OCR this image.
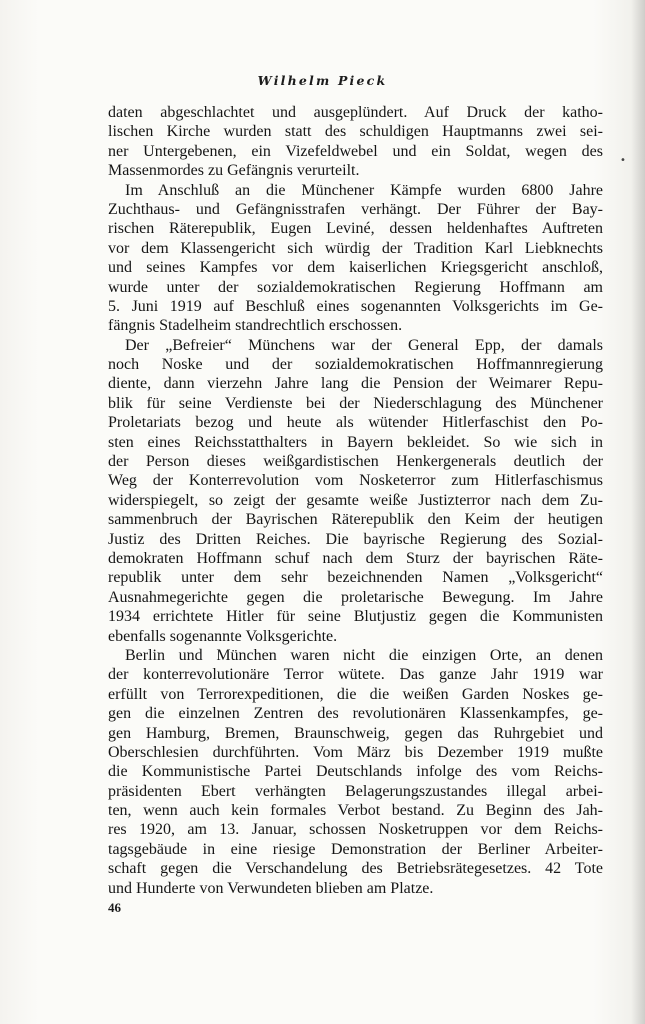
Wilhelm Pieck
•
daten abgeschlachtet und ausgeplündert. Auf Druck der katho-
lischen Kirche wurden statt des schuldigen Hauptmanns zwei sei-
ner Untergebenen, ein Vizefeldwebel und ein Soldat, wegen des
Massenmordes zu Gefängnis verurteilt.
Im Anschluß an die Münchener Kämpfe wurden 6800 Jahre
Zuchthaus- und Gefängnisstrafen verhängt. Der Führer der Bay-
rischen Räterepublik, Eugen Leviné, dessen heldenhaftes Auftreten
vor dem Klassengericht sich würdig der Tradition Karl Liebknechts
und seines Kampfes vor dem kaiserlichen Kriegsgericht anschloß,
wurde unter der sozialdemokratischen Regierung Hoffmann am
5. Juni 1919 auf Beschluß eines sogenannten Volksgerichts im Ge-
fängnis Stadelheim standrechtlich erschossen.
Der „Befreier“ Münchens war der General Epp, der damals
noch Noske und der sozialdemokratischen Hoffmannregierung
diente, dann vierzehn Jahre lang die Pension der Weimarer Repu-
blik für seine Verdienste bei der Niederschlagung des Münchener
Proletariats bezog und heute als wütender Hitlerfaschist den Po-
sten eines Reichsstatthalters in Bayern bekleidet. So wie sich in
der Person dieses weißgardistischen Henkergenerals deutlich der
Weg der Konterrevolution vom Nosketerror zum Hitlerfaschismus
widerspiegelt, so zeigt der gesamte weiße Justizterror nach dem Zu-
sammenbruch der Bayrischen Räterepublik den Keim der heutigen
Justiz des Dritten Reiches. Die bayrische Regierung des Sozial-
demokraten Hoffmann schuf nach dem Sturz der bayrischen Räte-
republik unter dem sehr bezeichnenden Namen „Volksgericht“
Ausnahmegerichte gegen die proletarische Bewegung. Im Jahre
1934 errichtete Hitler für seine Blutjustiz gegen die Kommunisten
ebenfalls sogenannte Volksgerichte.
Berlin und München waren nicht die einzigen Orte, an denen
der konterrevolutionäre Terror wütete. Das ganze Jahr 1919 war
erfüllt von Terrorexpeditionen, die die weißen Garden Noskes ge-
gen die einzelnen Zentren des revolutionären Klassenkampfes, ge-
gen Hamburg, Bremen, Braunschweig, gegen das Ruhrgebiet und
Oberschlesien durchführten. Vom März bis Dezember 1919 mußte
die Kommunistische Partei Deutschlands infolge des vom Reichs-
präsidenten Ebert verhängten Belagerungszustandes illegal arbei-
ten, wenn auch kein formales Verbot bestand. Zu Beginn des Jah-
res 1920, am 13. Januar, schossen Nosketruppen vor dem Reichs-
tagsgebäude in eine riesige Demonstration der Berliner Arbeiter-
schaft gegen die Verschandelung des Betriebsrätegesetzes. 42 Tote
und Hunderte von Verwundeten blieben am Platze.
46
